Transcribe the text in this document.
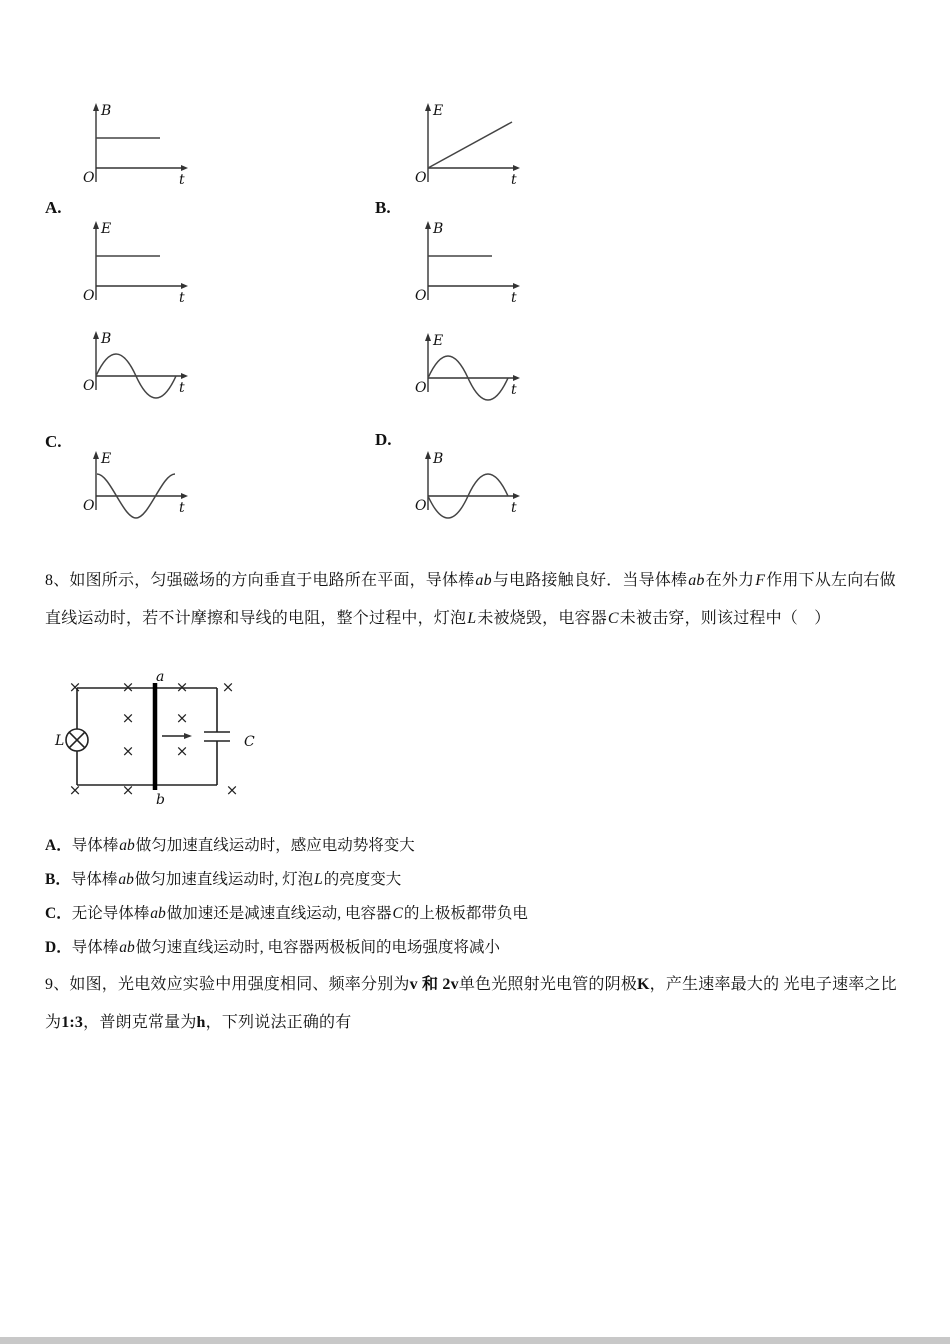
B
O	t
E
O	t
A.	B.
E
O	t
B
O	t
B
O	t
E
O	t
C.	D.
E
O	t
B
O	t
8、如图所示，匀强磁场的方向垂直于电路所在平面，导体棒ab与电路接触良好．当导体棒ab在外力F作用下从左向右做直线运动时，若不计摩擦和导线的电阻，整个过程中，灯泡L未被烧毁，电容器C未被击穿，则该过程中（　）
×	×	× ×
×	×
×	×
×	×	×
a
b
L	C
A．导体棒ab做匀加速直线运动时，感应电动势将变大
B．导体棒ab做匀加速直线运动时, 灯泡L的亮度变大
C．无论导体棒ab做加速还是减速直线运动, 电容器C的上极板都带负电
D．导体棒ab做匀速直线运动时, 电容器两极板间的电场强度将减小
9、如图，光电效应实验中用强度相同、频率分别为v 和 2v单色光照射光电管的阴极K，产生速率最大的 光电子速率之比为1:3，普朗克常量为h，下列说法正确的有
